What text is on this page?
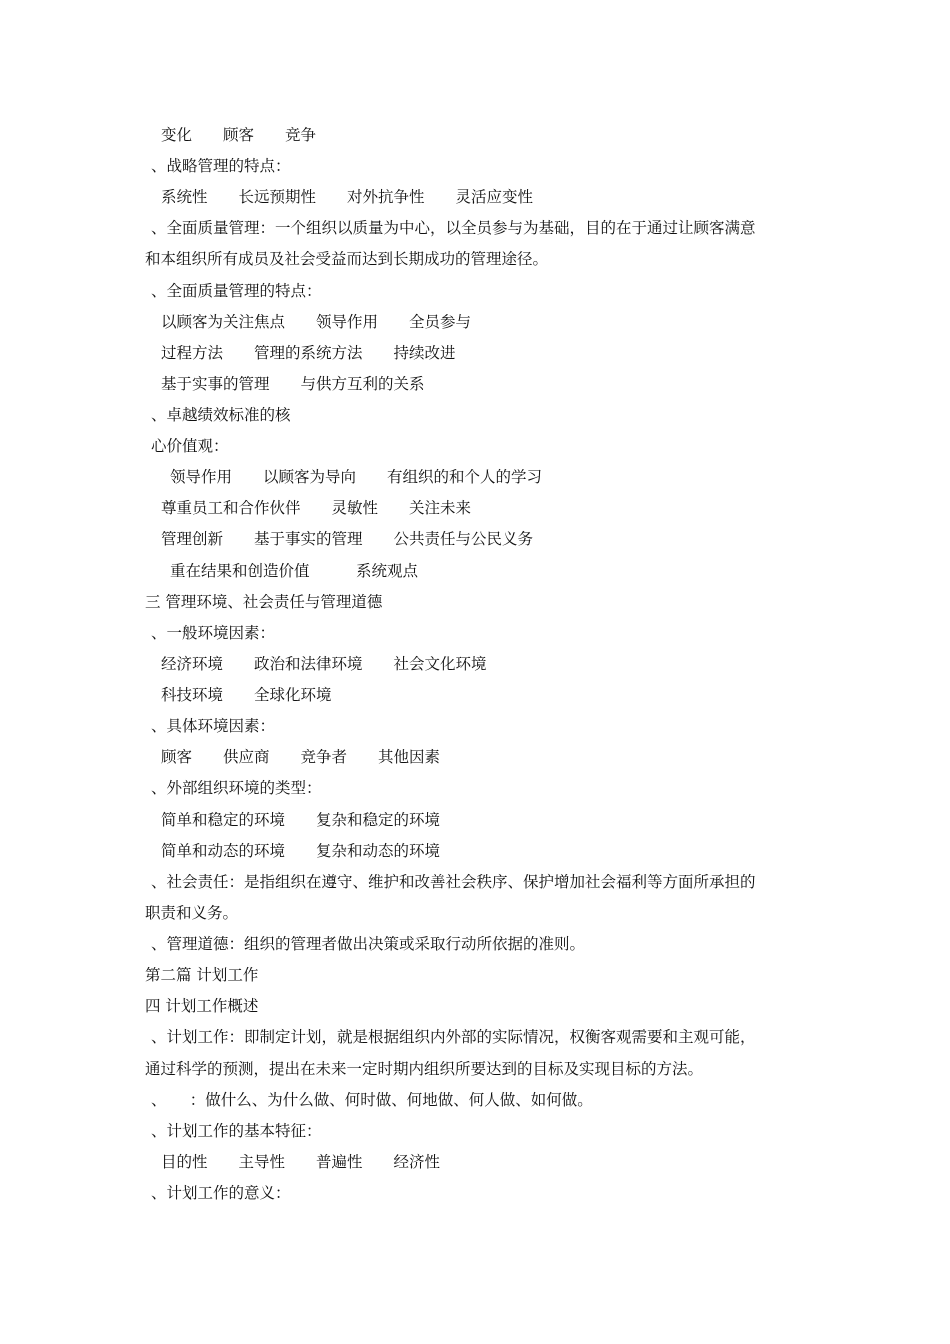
变化　　顾客　　竞争
、战略管理的特点：
系统性　　长远预期性　　对外抗争性　　灵活应变性
、全面质量管理：一个组织以质量为中心，以全员参与为基础，目的在于通过让顾客满意
和本组织所有成员及社会受益而达到长期成功的管理途径。
、全面质量管理的特点：
以顾客为关注焦点　　领导作用　　全员参与
过程方法　　管理的系统方法　　持续改进
基于实事的管理　　与供方互利的关系
、卓越绩效标准的核
心价值观：
领导作用　　以顾客为导向　　有组织的和个人的学习
尊重员工和合作伙伴　　灵敏性　　关注未来
管理创新　　基于事实的管理　　公共责任与公民义务
重在结果和创造价值　　　系统观点
三 管理环境、社会责任与管理道德
、一般环境因素：
经济环境　　政治和法律环境　　社会文化环境
科技环境　　全球化环境
、具体环境因素：
顾客　　供应商　　竞争者　　其他因素
、外部组织环境的类型：
简单和稳定的环境　　复杂和稳定的环境
简单和动态的环境　　复杂和动态的环境
、社会责任：是指组织在遵守、维护和改善社会秩序、保护增加社会福利等方面所承担的
职责和义务。
、管理道德：组织的管理者做出决策或采取行动所依据的准则。
第二篇 计划工作
四 计划工作概述
、计划工作：即制定计划，就是根据组织内外部的实际情况，权衡客观需要和主观可能，
通过科学的预测，提出在未来一定时期内组织所要达到的目标及实现目标的方法。
、　　：做什么、为什么做、何时做、何地做、何人做、如何做。
、计划工作的基本特征：
目的性　　主导性　　普遍性　　经济性
、计划工作的意义：
